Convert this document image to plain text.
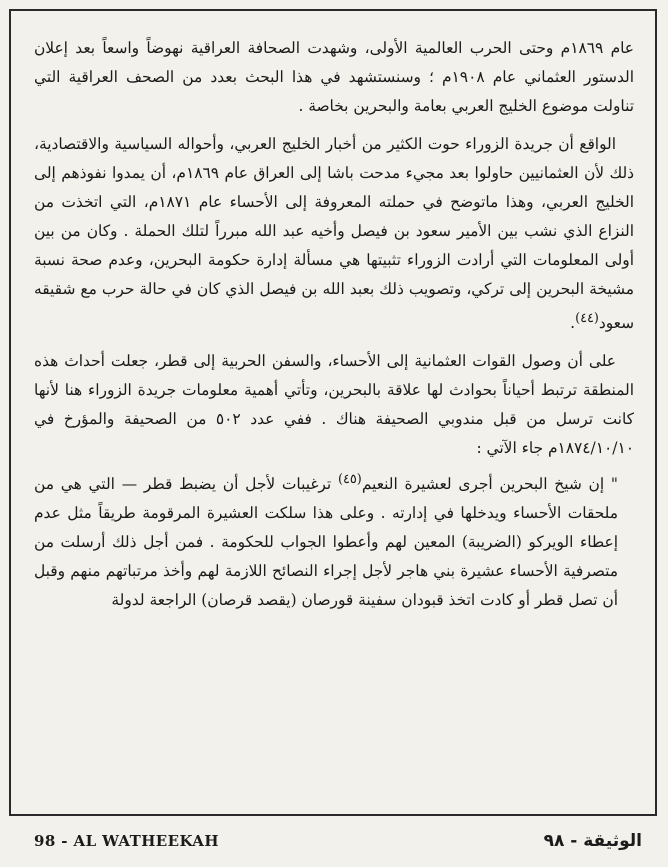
عام ١٨٦٩م وحتى الحرب العالمية الأولى، وشهدت الصحافة العراقية نهوضاً واسعاً بعد إعلان الدستور العثماني عام ١٩٠٨م ؛ وسنستشهد في هذا البحث بعدد من الصحف العراقية التي تناولت موضوع الخليج العربي بعامة والبحرين بخاصة .

الواقع أن جريدة الزوراء حوت الكثير من أخبار الخليج العربي، وأحواله السياسية والاقتصادية، ذلك لأن العثمانيين حاولوا بعد مجيء مدحت باشا إلى العراق عام ١٨٦٩م، أن يمدوا نفوذهم إلى الخليج العربي، وهذا ماتوضح في حملته المعروفة إلى الأحساء عام ١٨٧١م، التي اتخذت من النزاع الذي نشب بين الأمير سعود بن فيصل وأخيه عبد الله مبرراً لتلك الحملة . وكان من بين أولى المعلومات التي أرادت الزوراء تثبيتها هي مسألة إدارة حكومة البحرين، وعدم صحة نسبة مشيخة البحرين إلى تركي، وتصويب ذلك بعبد الله بن فيصل الذي كان في حالة حرب مع شقيقه سعود$^{(٤٤)}$.

على أن وصول القوات العثمانية إلى الأحساء، والسفن الحربية إلى قطر، جعلت أحداث هذه المنطقة ترتبط أحياناً بحوادث لها علاقة بالبحرين، وتأتي أهمية معلومات جريدة الزوراء هنا لأنها كانت ترسل من قبل مندوبي الصحيفة هناك . ففي عدد ٥٠٢ من الصحيفة والمؤرخ في ١٨٧٤/١٠/١٠م جاء الآتي :

" إن شيخ البحرين أجرى لعشيرة النعيم$^{(٤٥)}$ ترغيبات لأجل أن يضبط قطر — التي هي من ملحقات الأحساء ويدخلها في إدارته . وعلى هذا سلكت العشيرة المرقومة طريقاً مثل عدم إعطاء الويركو (الضريبة) المعين لهم وأعطوا الجواب للحكومة . فمن أجل ذلك أرسلت من متصرفية الأحساء عشيرة بني هاجر لأجل إجراء النصائح اللازمة لهم وأخذ مرتباتهم منهم وقبل أن تصل قطر أو كادت اتخذ قبودان سفينة قورصان (يقصد قرصان) الراجعة لدولة

98 - AL WATHEEKAH	الوثيقة - ٩٨
